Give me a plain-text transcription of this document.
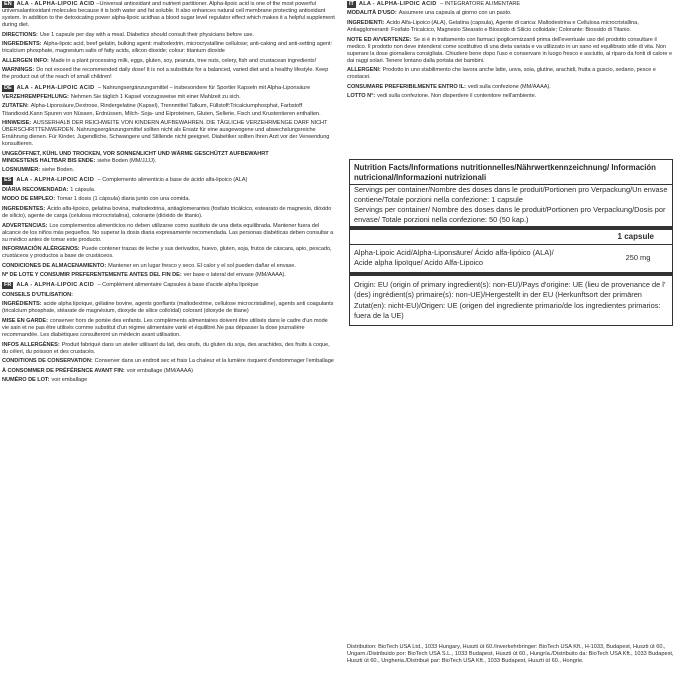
EN ALA - ALPHA-LIPOIC ACID –Universal antioxidant and nutrient partitioner. Alpha-lipoic acid is one of the most powerful universalantioxidant molecules because it is both water and fat soluble. It also enhances natural cell membrane protecting antioxidant system. In addition to the detoxicating power alpha-lipoic acidhas a blood sugar level regulator effect which makes it a helpful supplement during diet.

DIRECTIONS: Use 1 capsule per day with a meal. Diabetics should consult their physicians before use.

INGREDIENTS: Alpha-lipoic acid, beef gelatin, bulking agent: maltodextrin, microcrystalline cellulose; anti-caking and anti-setting agent: tricalcium phosphate, magnesium salts of fatty acids, silicon dioxide; colour: titanium dioxide

ALLERGEN INFO: Made in a plant processing milk, eggs, gluten, soy, peanuts, tree nuts, celery, fish and crustacean ingredients!

WARNINGS: Do not exceed the recommended daily dose! It is not a substitute for a balanced, varied diet and a healthy lifestyle. Keep the product out of the reach of small children!

DE ALA - ALPHA-LIPOIC ACID – Nahrungsergänzungsmittel – insbesondere für Sportler Kapseln mit Alpha-Liponsäure

VERZEHREMPFEHLUNG: Nehmen Sie täglich 1 Kapsel vorzugsweise mit einer Mahlzeit zu sich.

ZUTATEN: Alpha-Liponsäure,Dextrose, Rindergelatine (Kapsel), Trennmittel Talkum, Füllstoff:Tricalciumphosphat, Farbstoff Titandioxid.Kann Spuren von Nüssen, Erdnüssen, Milch- Soja- und Eiproteinen, Gluten, Sellerie, Fisch und Krustentieren enthalten.

HINWEISE: AUSSERHALB DER REICHWEITE VON KINDERN AUFBEWAHREN. DIE TÄGLICHE VERZEHRMENGE DARF NICHT ÜBERSCHRITTENWERDEN. Nahrungsergänzungsmittel sollten nicht als Ersatz für eine ausgewogene und abwechslungsreiche Ernährung dienen. Für Kinder, Jugendliche, Schwangere und Stillende nicht geeignet. Diabetiker sollten Ihren Arzt vor der Verwendung konsultieren.

UNGEÖFFNET, KÜHL UND TROCKEN, VOR SONNENLICHT UND WÄRME GESCHÜTZT AUFBEWAHRT

MINDESTENS HALTBAR BIS ENDE: siehe Boden (MM/JJJJ).

LOSNUMMER: siehe Boden.

ES ALA - ALPHA-LIPOIC ACID – Complemento alimenticio a base de ácido alfa-lipoico (ALA)

DIÁRIA RECOMENDADA: 1 cápsula.

MODO DE EMPLEO: Tomar 1 dosis (1 cápsula) diaria junto con una comida.

INGREDIENTES: Ácido alfa-lipoico, gelatina bovina, maltodextrina, antiaglomerantes (fosfato tricálcico, estearato de magnesio, dióxido de silicio), agente de carga (celulosa microcristalina), colorante (dióxido de titanio).

ADVERTENCIAS: Los complementos alimenticios no deben utilizarse como sustituto de una dieta equilibrada. Mantener fuera del alcance de los niños más pequeños. No superar la dosis diaria expresamente recomendada. Las personas diabéticas deben consultar a su médico antes de tomar este producto.

INFORMACIÓN ALÉRGENOS: Puede contener trazas de leche y sus derivados, huevo, gluten, soja, frutos de cáscara, apio, pescado, crustáceos y productos a base de crustáceos.

CONDICIONES DE ALMACENAMIENTO: Mantener en un lugar fresco y seco. El calor y el sol pueden dañar el envase.

Nº DE LOTE Y CONSUMIR PREFERENTEMENTE ANTES DEL FIN DE: ver base o lateral del envase (MM/AAAA).

FR ALA - ALPHA-LIPOIC ACID – Complément alimentaire Capsules à base d'acide alpha lipoïque

CONSEILS D'UTILISATION:

INGRÉDIENTS: acide alpha lipoïque, gélatine bovine, agents gonflants (maltodextrine, cellulose microcristalline), agents anti coagulants (tricalcium phosphate, stéarate de magnésium, dioxyde de silice colloïdal) colorant (dioxyde de titane)

MISE EN GARDE: conserver hors de portée des enfants. Les compléments alimentaires doivent être utilisés dans le cadre d'un mode vie sain et ne pas être utilisés comme substitut d'un régime alimentaire varié et équilibré.Ne pas dépasser la dose journalière recommandée. Les diabétiques consulteront un médecin avant utilisation.

INFOS ALLERGÈNES: Produit fabriqué dans un atelier utilisant du lait, des œufs, du gluten du soja, des arachides, des fruits à coque, du céleri, du poisson et des crustacés.

CONDITIONS DE CONSERVATION: Conserver dans un endroit sec et frais La chaleur et la lumière risquent d'endommager l'emballage

À CONSOMMER DE PRÉFÉRENCE AVANT FIN: voir emballage (MM/AAAA)

NUMÉRO DE LOT: voir emballage

IT ALA - ALPHA-LIPOIC ACID – INTEGRATORE ALIMENTARE

MODALITÀ D'USO: Assumere una capsula al giorno con un pasto.

INGREDIENTI: Acido Alfa-Lipoico (ALA), Gelatina (capsula), Agente di carica: Maltodestrina e Cellulosa microcristallina, Antiagglomeranti: Fosfato Tricalcico, Magnesio Stearato e Biossido di Silicio colloidale; Colorante: Biossido di Titanio.

NOTE ED AVVERTENZE: Se si è in trattamento con farmaci ipoglicemizzanti prima dell'eventuale uso del prodotto consultare il medico. Il prodotto non deve intendersi come sostitutivo di una dieta variata e va utilizzato in un sano ed equilibrato stile di vita. Non superare la dose giornaliera consigliata. Chiudere bene dopo l'uso e conservare in luogo fresco e asciutto, al riparo da fonti di calore e dai raggi solari. Tenere lontano dalla portata dei bambini.

ALLERGENI: Prodotto in uno stabilimento che lavora anche latte, uova, soia, glutine, arachidi, frutta a guscio, sedano, pesce e crostacei.

CONSUMARE PREFERIBILMENTE ENTRO IL: vedi sulla confezione (MM/AAAA).

LOTTO N°: vedi sulla confezione. Non disperdere il contenitore nell'ambiente.

Nutrition Facts/Informations nutritionnelles/Nährwertkennzeichnung/ Información nutricional/Informazioni nutrizionali
Servings per container/Nombre des doses dans le produit/Portionen pro Verpackung/Un envase contiene/Totale porzioni nella confezione: 1 capsule
Servings per container/ Nombre des doses dans le produit/Portionen pro Verpackung/Dosis por envase/ Totale porzioni nella confezione: 50 (50 kap.)
1 capsule
Alpha-Lipoic Acid/Alpha-Liponsäure/ Ácido alfa-lipóico (ALA)/ Acide alpha lipoïque/ Acido Alfa-Lipoico
250 mg
Origin: EU (origin of primary ingredient(s): non-EU)/Pays d'origine: UE (lieu de provenance de l' (des) ingrédient(s) primaire(s): non-UE)/Hergestellt in der EU (Herkunftsort der primären Zutat(en): nicht-EU)/Origen: UE (origen del ingrediente primario/de los ingredientes primarios: fuera de la UE)
Distribution: BioTech USA Ltd., 1033 Hungary, Huszti út 60./Inverkehrbringer: BioTech USA Kft., H-1033, Budapest, Huszti út 60., Ungarn./Distribuido por: BioTech USA S.L., 1033 Budapest, Huszti út 60., Hungría./Distribuito da: BioTech USA Kft., 1033 Budapest, Huszti út 60., Ungheria./Distribué par: BioTech USA Kft., 1033 Budapest, Huszti út 60., Hongrie.
